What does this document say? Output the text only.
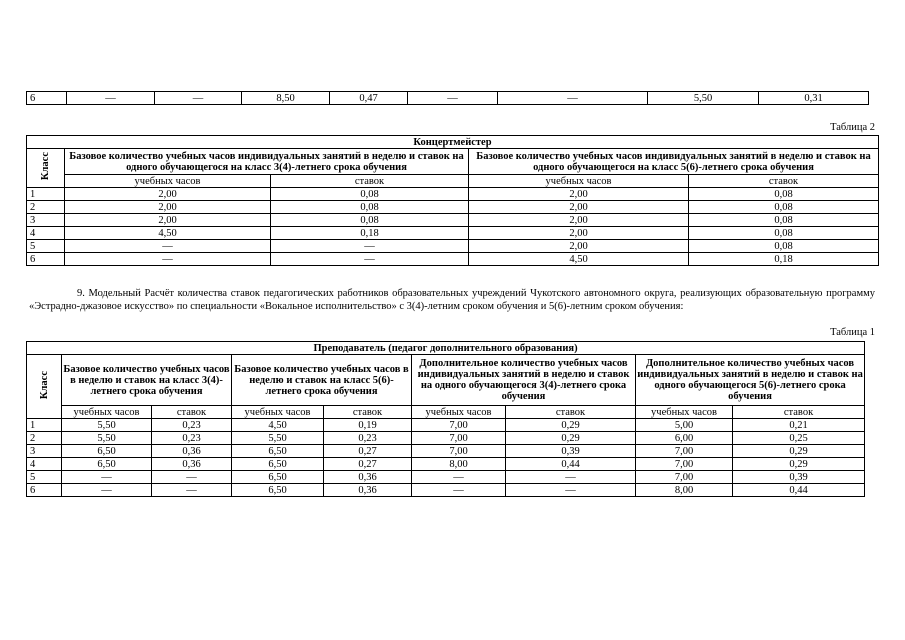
6	—	—	8,50	0,47	—	—	5,50	0,31
Таблица 2
Концертмейстер				
Класс	Базовое количество учебных часов индивидуальных занятий в неделю и ставок на одного обучающегося на класс 3(4)-летнего срока обучения		Базовое количество учебных часов индивидуальных занятий в неделю и ставок на одного обучающегося на класс 5(6)-летнего срока обучения	
	учебных часов	ставок	учебных часов	ставок
1	2,00	0,08	2,00	0,08
2	2,00	0,08	2,00	0,08
3	2,00	0,08	2,00	0,08
4	4,50	0,18	2,00	0,08
5	—	—	2,00	0,08
6	—	—	4,50	0,18

9. Модельный Расчёт количества ставок педагогических работников образовательных учреждений Чукотского автономного округа, реализующих образовательную программу «Эстрадно-джазовое искусство» по специальности «Вокальное исполнительство» с 3(4)-летним сроком обучения и 5(6)-летним сроком обучения:

Таблица 1
Преподаватель (педагог дополнительного образования)								
Класс	Базовое количество учебных часов в неделю и ставок на класс 3(4)-летнего срока обучения		Базовое количество учебных часов в неделю и ставок на класс 5(6)-летнего срока обучения		Дополнительное количество учебных часов индивидуальных занятий в неделю и ставок на одного обучающегося 3(4)-летнего срока обучения		Дополнительное количество учебных часов индивидуальных занятий в неделю и ставок на одного обучающегося 5(6)-летнего срока обучения	
	учебных часов	ставок	учебных часов	ставок	учебных часов	ставок	учебных часов	ставок
1	5,50	0,23	4,50	0,19	7,00	0,29	5,00	0,21
2	5,50	0,23	5,50	0,23	7,00	0,29	6,00	0,25
3	6,50	0,36	6,50	0,27	7,00	0,39	7,00	0,29
4	6,50	0,36	6,50	0,27	8,00	0,44	7,00	0,29
5	—	—	6,50	0,36	—	—	7,00	0,39
6	—	—	6,50	0,36	—	—	8,00	0,44
